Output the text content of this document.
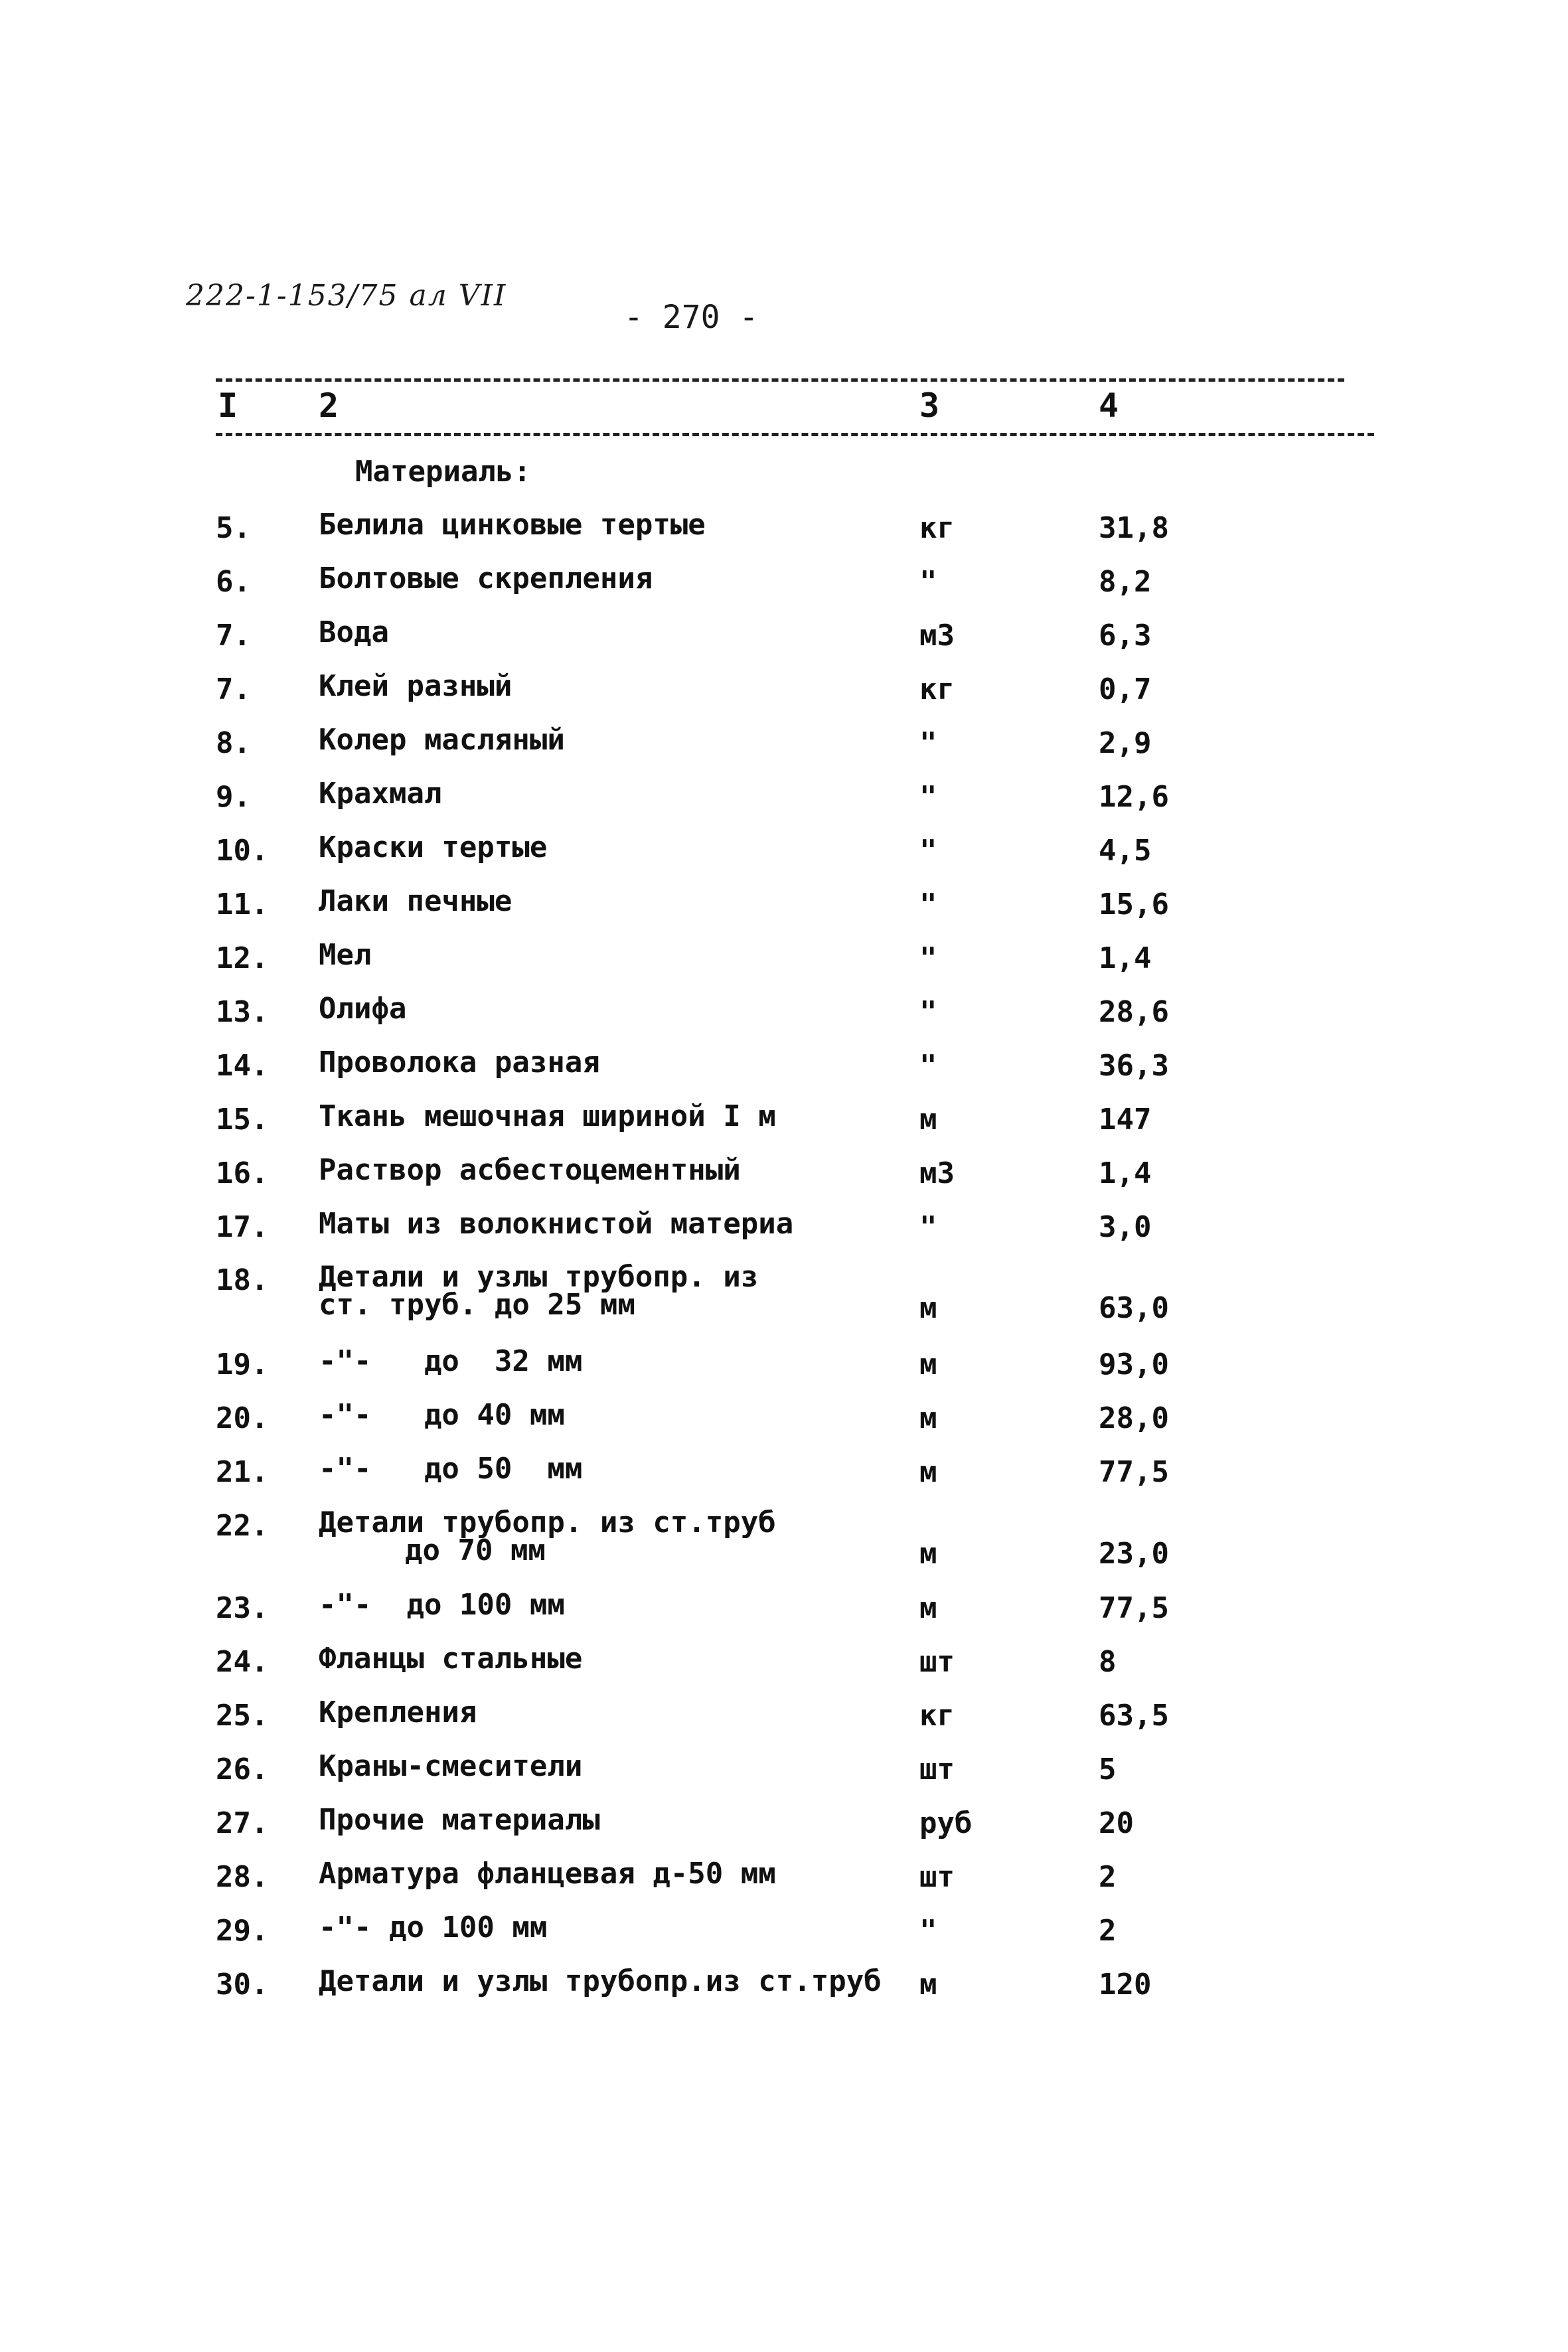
222-1-153/75 ал VII
- 270 -
I 2	3	4
Материаль:
5. Белила цинковые тертые	кг	31,8
6. Болтовые скрепления	"	8,2
7. Вода	м3	6,3
7. Клей разный	кг	0,7
8. Колер масляный	"	2,9
9. Крахмал	"	12,6
10. Краски тертые	"	4,5
11. Лаки печные	"	15,6
12. Мел	"	1,4
13. Олифа	"	28,6
14. Проволока разная	"	36,3
15. Ткань мешочная шириной I м	м	147
16. Раствор асбестоцементный	м3	1,4
17. Маты из волокнистой материа	"	3,0
18. Детали и узлы трубопр. из
ст. труб. до 25 мм	м	63,0
19. -"-   до  32 мм	м	93,0
20. -"-   до 40 мм	м	28,0
21. -"-   до 50  мм	м	77,5
22. Детали трубопр. из ст.труб
до 70 мм	м	23,0
23. -"-  до 100 мм	м	77,5
24. Фланцы стальные	шт	8
25. Крепления	кг	63,5
26. Краны-смесители	шт	5
27. Прочие материалы	руб	20
28. Арматура фланцевая д-50 мм	шт	2
29. -"- до 100 мм	"	2
30. Детали и узлы трубопр.из ст.труб м	120
